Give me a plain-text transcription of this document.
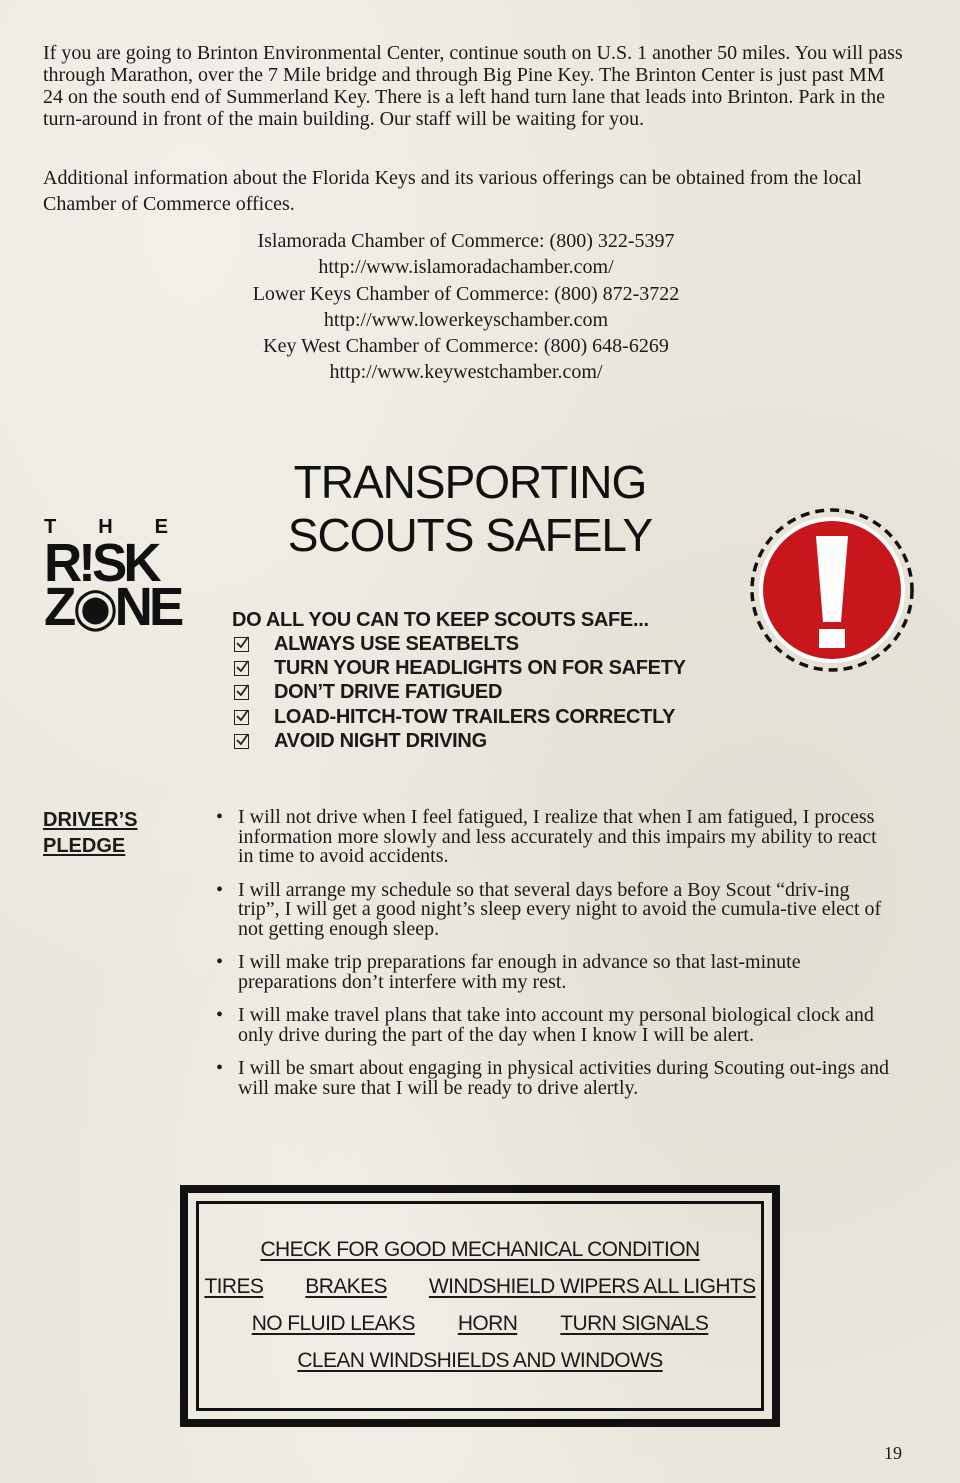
If you are going to Brinton Environmental Center, continue south on U.S. 1 another 50 miles. You will pass through Marathon, over the 7 Mile bridge and through Big Pine Key. The Brinton Center is just past MM 24 on the south end of Summerland Key. There is a left hand turn lane that leads into Brinton. Park in the turn-around in front of the main building. Our staff will be waiting for you.
Additional information about the Florida Keys and its various offerings can be obtained from the local Chamber of Commerce offices.
Islamorada Chamber of Commerce: (800) 322-5397
http://www.islamoradachamber.com/
Lower Keys Chamber of Commerce: (800) 872-3722
http://www.lowerkeyschamber.com
Key West Chamber of Commerce: (800) 648-6269
http://www.keywestchamber.com/
TRANSPORTING
SCOUTS SAFELY
T H E
R!SK
Z◉NE	DO ALL YOU CAN TO KEEP SCOUTS SAFE...
ALWAYS USE SEATBELTS
TURN YOUR HEADLIGHTS ON FOR SAFETY
DON’T DRIVE FATIGUED
LOAD-HITCH-TOW TRAILERS CORRECTLY
AVOID NIGHT DRIVING
DRIVER’S
PLEDGE
• I will not drive when I feel fatigued, I realize that when I am fatigued, I process information more slowly and less accurately and this impairs my ability to react in time to avoid accidents.
• I will arrange my schedule so that several days before a Boy Scout “driv-ing trip”, I will get a good night’s sleep every night to avoid the cumula-tive elect of not getting enough sleep.
• I will make trip preparations far enough in advance so that last-minute preparations don’t interfere with my rest.
• I will make travel plans that take into account my personal biological clock and only drive during the part of the day when I know I will be alert.
• I will be smart about engaging in physical activities during Scouting out-ings and will make sure that I will be ready to drive alertly.
CHECK FOR GOOD MECHANICAL CONDITION
TIRES BRAKES WINDSHIELD WIPERS ALL LIGHTS
NO FLUID LEAKS HORN TURN SIGNALS
CLEAN WINDSHIELDS AND WINDOWS
19
